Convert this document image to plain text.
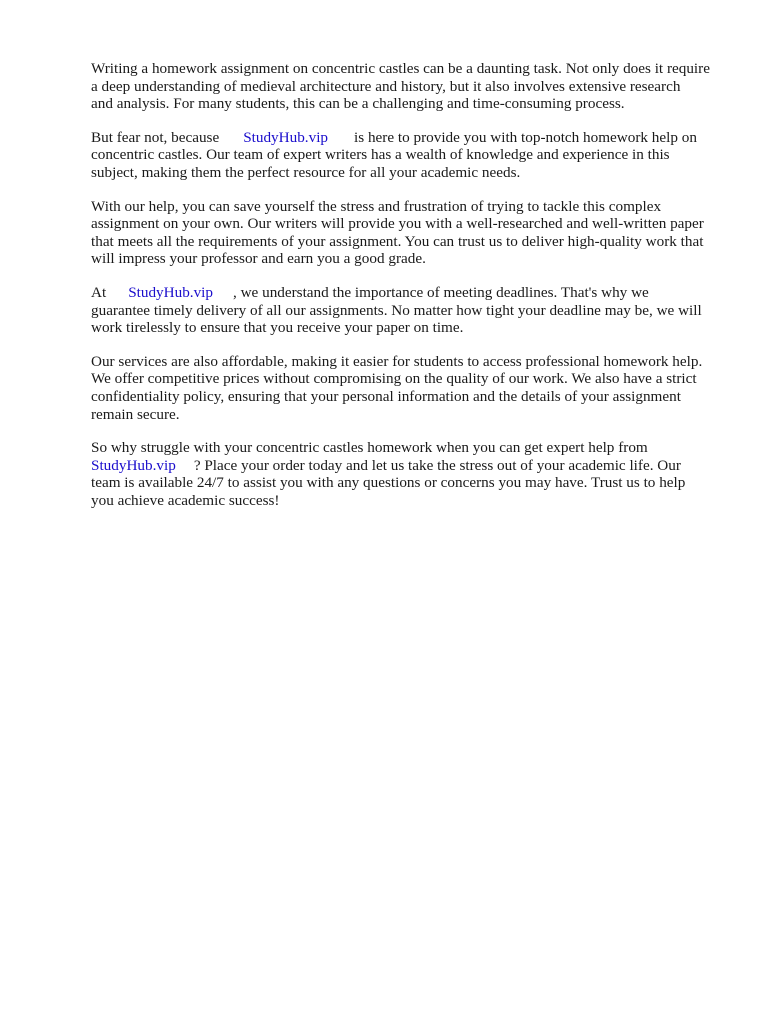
Writing a homework assignment on concentric castles can be a daunting task. Not only does it require
a deep understanding of medieval architecture and history, but it also involves extensive research
and analysis. For many students, this can be a challenging and time-consuming process.

But fear not, because StudyHub.vip is here to provide you with top-notch homework help on
concentric castles. Our team of expert writers has a wealth of knowledge and experience in this
subject, making them the perfect resource for all your academic needs.

With our help, you can save yourself the stress and frustration of trying to tackle this complex
assignment on your own. Our writers will provide you with a well-researched and well-written paper
that meets all the requirements of your assignment. You can trust us to deliver high-quality work that
will impress your professor and earn you a good grade.

At StudyHub.vip , we understand the importance of meeting deadlines. That's why we
guarantee timely delivery of all our assignments. No matter how tight your deadline may be, we will
work tirelessly to ensure that you receive your paper on time.

Our services are also affordable, making it easier for students to access professional homework help.
We offer competitive prices without compromising on the quality of our work. We also have a strict
confidentiality policy, ensuring that your personal information and the details of your assignment
remain secure.

So why struggle with your concentric castles homework when you can get expert help from
StudyHub.vip ? Place your order today and let us take the stress out of your academic life. Our
team is available 24/7 to assist you with any questions or concerns you may have. Trust us to help
you achieve academic success!
